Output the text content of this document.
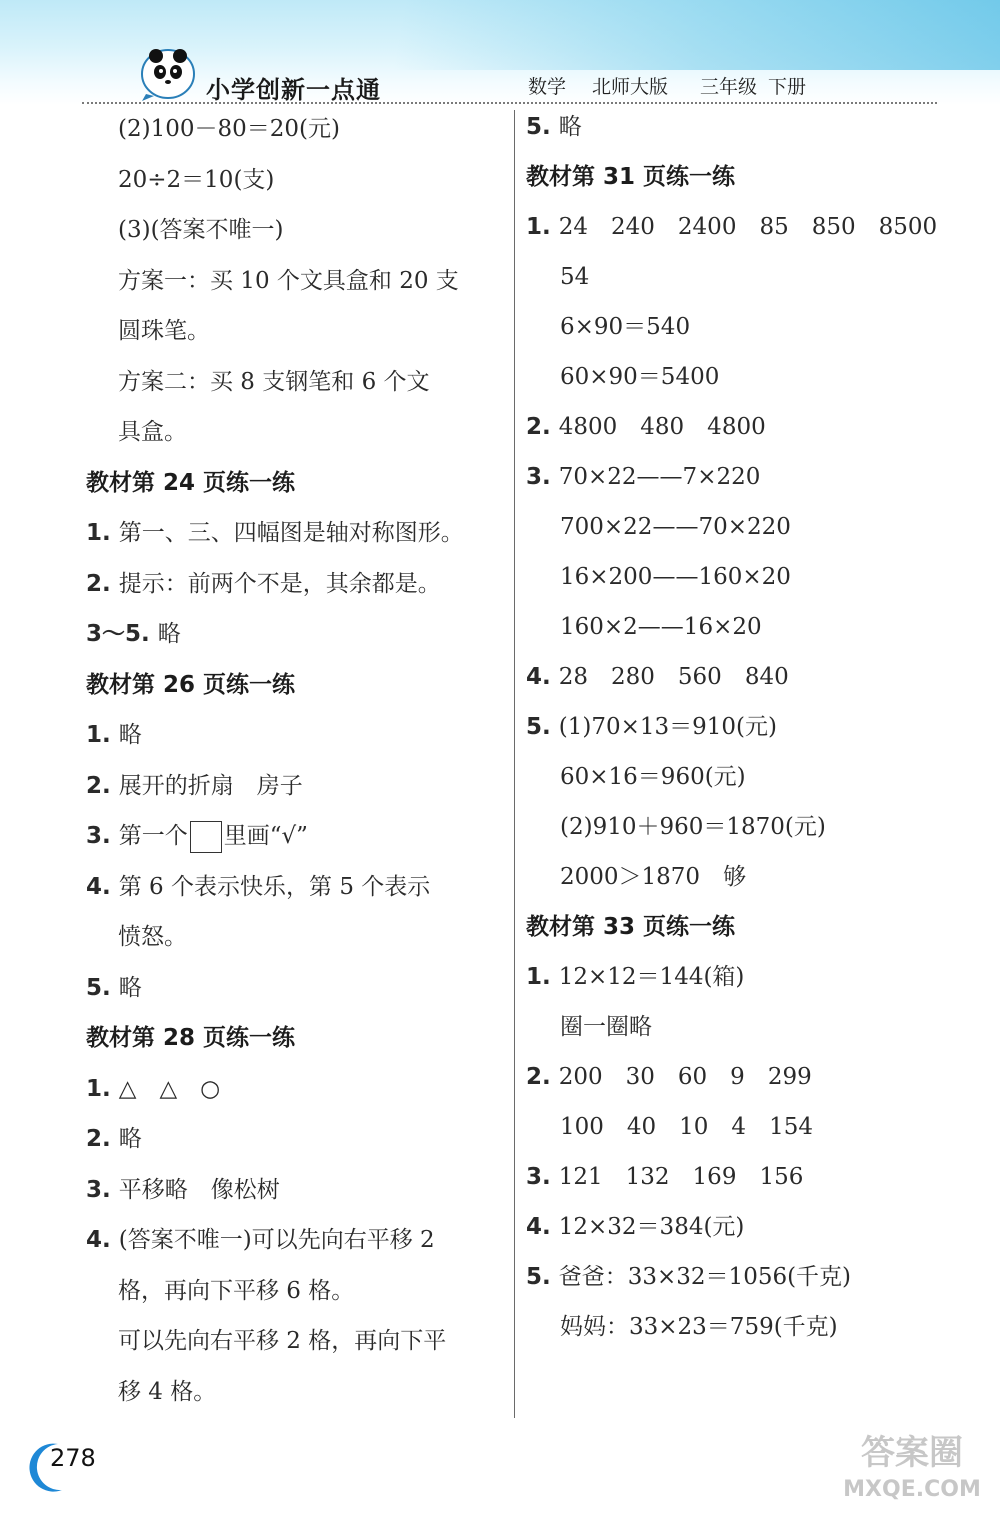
小学创新一点通	数学 北师大版 三年级 下册
(2)100－80＝20(元)
20÷2＝10(支)
(3)(答案不唯一)
方案一：买 10 个文具盒和 20 支
圆珠笔。
方案二：买 8 支钢笔和 6 个文
具盒。
教材第 24 页练一练
1. 第一、三、四幅图是轴对称图形。
2. 提示：前两个不是，其余都是。
3～5. 略
教材第 26 页练一练
1. 略
2. 展开的折扇　房子
3. 第一个 里画“√”
4. 第 6 个表示快乐，第 5 个表示
愤怒。
5. 略
教材第 28 页练一练
1. △　△　○
2. 略
3. 平移略　像松树
4. (答案不唯一)可以先向右平移 2
格，再向下平移 6 格。
可以先向右平移 2 格，再向下平
移 4 格。
5. 略
教材第 31 页练一练
1. 24　240　2400　85　850　8500
54
6×90＝540
60×90＝5400
2. 4800　480　4800
3. 70×22——7×220
700×22——70×220
16×200——160×20
160×2——16×20
4. 28　280　560　840
5. (1)70×13＝910(元)
60×16＝960(元)
(2)910＋960＝1870(元)
2000＞1870　够
教材第 33 页练一练
1. 12×12＝144(箱)
圈一圈略
2. 200　30　60　9　299
100　40　10　4　154
3. 121　132　169　156
4. 12×32＝384(元)
5. 爸爸：33×32＝1056(千克)
妈妈：33×23＝759(千克)
278	答案圈
MXQE.COM
